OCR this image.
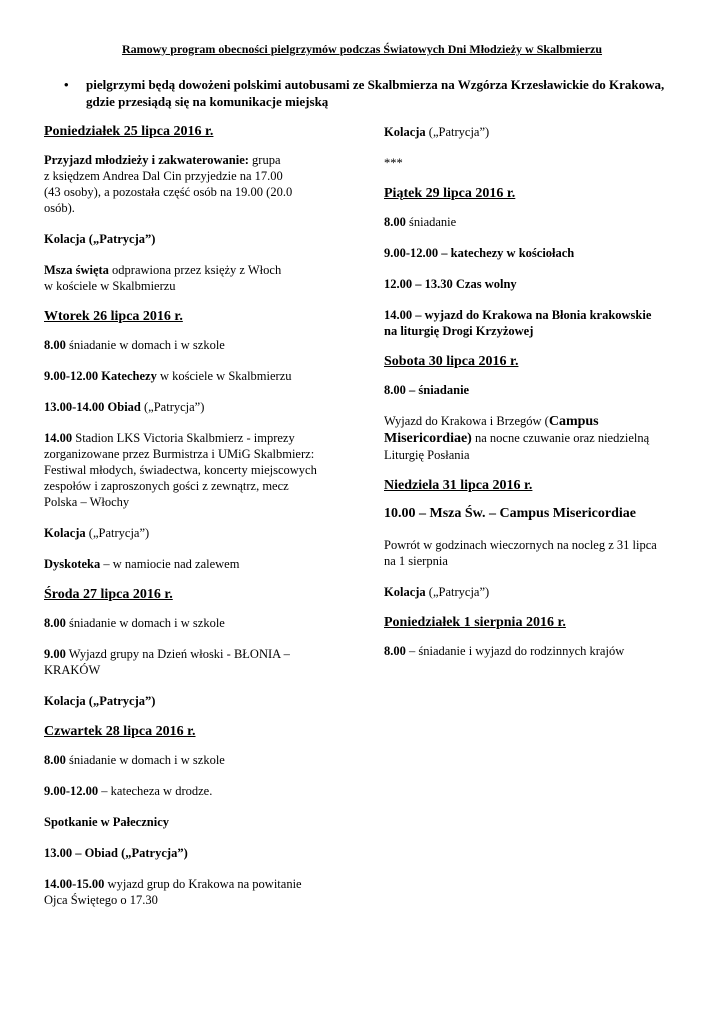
Ramowy program obecności pielgrzymów podczas Światowych Dni Młodzieży w Skalbmierzu
• pielgrzymi będą dowożeni polskimi autobusami ze Skalbmierza na Wzgórza Krzesławickie do Krakowa,
gdzie przesiądą się na komunikacje miejską
Poniedziałek 25 lipca 2016 r.
Przyjazd młodzieży i zakwaterowanie: grupa
z księdzem Andrea Dal Cin przyjedzie na 17.00
(43 osoby), a pozostała część osób na 19.00 (20.0
osób).
Kolacja („Patrycja”)
Msza święta odprawiona przez księży z Włoch
w kościele w Skalbmierzu
Wtorek 26 lipca 2016 r.
8.00 śniadanie w domach i w szkole
9.00-12.00 Katechezy w kościele w Skalbmierzu
13.00-14.00 Obiad („Patrycja”)
14.00 Stadion LKS Victoria Skalbmierz - imprezy
zorganizowane przez Burmistrza i UMiG Skalbmierz:
Festiwal młodych, świadectwa, koncerty miejscowych
zespołów i zaproszonych gości z zewnątrz, mecz
Polska – Włochy
Kolacja („Patrycja”)
Dyskoteka – w namiocie nad zalewem
Środa 27 lipca 2016 r.
8.00 śniadanie w domach i w szkole
9.00 Wyjazd grupy na Dzień włoski - BŁONIA –
KRAKÓW
Kolacja („Patrycja”)
Czwartek 28 lipca 2016 r.
8.00 śniadanie w domach i w szkole
9.00-12.00 – katecheza w drodze.
Spotkanie w Pałecznicy
13.00 – Obiad („Patrycja”)
14.00-15.00 wyjazd grup do Krakowa na powitanie
Ojca Świętego o 17.30
Kolacja („Patrycja”)
***
Piątek 29 lipca 2016 r.
8.00 śniadanie
9.00-12.00 – katechezy w kościołach
12.00 – 13.30 Czas wolny
14.00 – wyjazd do Krakowa na Błonia krakowskie
na liturgię Drogi Krzyżowej
Sobota 30 lipca 2016 r.
8.00 – śniadanie
Wyjazd do Krakowa i Brzegów (Campus
Misericordiae) na nocne czuwanie oraz niedzielną
Liturgię Posłania
Niedziela 31 lipca 2016 r.
10.00 – Msza Św. – Campus Misericordiae
Powrót w godzinach wieczornych na nocleg z 31 lipca
na 1 sierpnia
Kolacja („Patrycja”)
Poniedziałek 1 sierpnia 2016 r.
8.00 – śniadanie i wyjazd do rodzinnych krajów
